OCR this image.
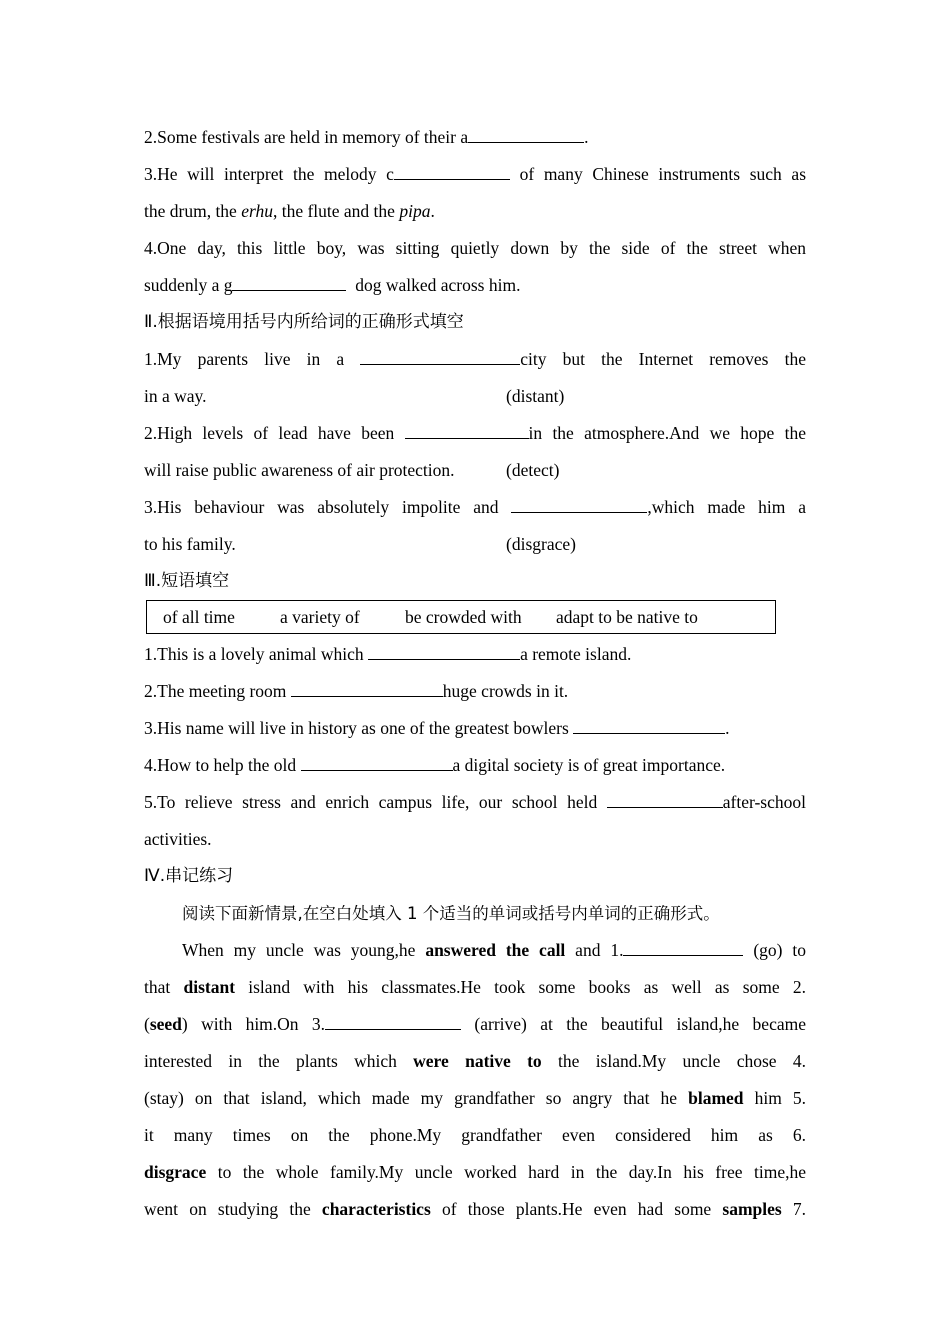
2.Some festivals are held in memory of their a	.
3.He will interpret the melody c	of many Chinese instruments such as
the drum, the erhu, the flute and the pipa.
4.One day, this little boy, was sitting quietly down by the side of the street when
suddenly a g	dog walked across him.
Ⅱ.根据语境用括号内所给词的正确形式填空
1.My parents live in a	city but the Internet removes the
in a way.	(distant)
2.High levels of lead have been	in the atmosphere.And we hope the
will raise public awareness of air protection.	(detect)
3.His behaviour was absolutely impolite and	,which made him a
to his family.	(disgrace)
Ⅲ.短语填空
of all time	a variety of	be crowded with adapt to be native to
1.This is a lovely animal which	a remote island.
2.The meeting room	huge crowds in it.
3.His name will live in history as one of the greatest bowlers	.
4.How to help the old	a digital society is of great importance.
5.To relieve stress and enrich campus life, our school held	after-school
activities.
Ⅳ.串记练习
阅读下面新情景,在空白处填入 1 个适当的单词或括号内单词的正确形式。
When my uncle was young,he answered the call and 1.	(go) to
that distant island with his classmates.He took some books as well as some 2.
(seed) with him.On 3.	(arrive) at the beautiful island,he became
interested in the plants which were native to the island.My uncle chose 4.
(stay) on that island, which made my grandfather so angry that he blamed him 5.
it many times on the phone.My grandfather even considered him as 6.
disgrace to the whole family.My uncle worked hard in the day.In his free time,he
went on studying the characteristics of those plants.He even had some samples 7.
